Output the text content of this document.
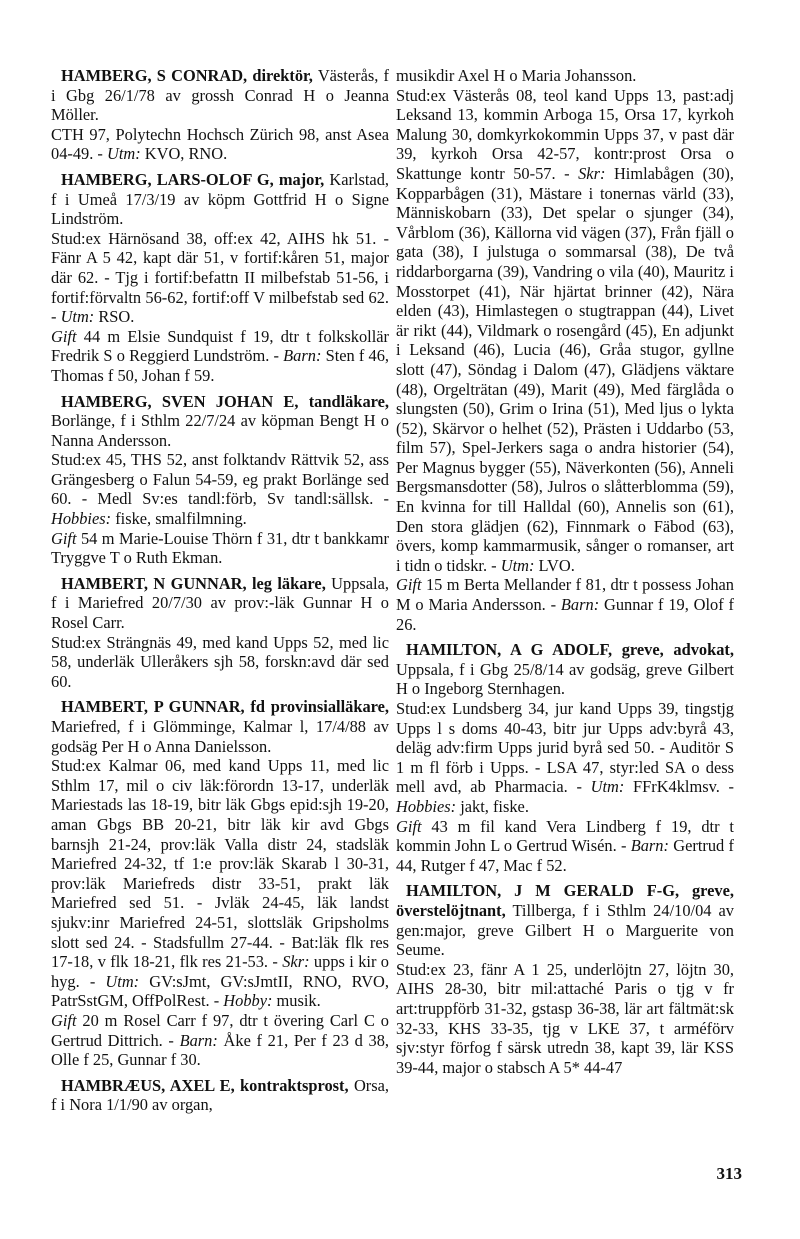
HAMBERG, S CONRAD, direktör, Västerås, f i Gbg 26/1/78 av grossh Conrad H o Jeanna Möller.

CTH 97, Polytechn Hochsch Zürich 98, anst Asea 04-49. - Utm: KVO, RNO.

HAMBERG, LARS-OLOF G, major, Karlstad, f i Umeå 17/3/19 av köpm Gottfrid H o Signe Lindström.

Stud:ex Härnösand 38, off:ex 42, AIHS hk 51. - Fänr A 5 42, kapt där 51, v fortif:kåren 51, major där 62. - Tjg i fortif:befattn II milbefstab 51-56, i fortif:förvaltn 56-62, fortif:off V milbefstab sed 62. - Utm: RSO.

Gift 44 m Elsie Sundquist f 19, dtr t folkskollär Fredrik S o Reggierd Lundström. - Barn: Sten f 46, Thomas f 50, Johan f 59.

HAMBERG, SVEN JOHAN E, tandläkare, Borlänge, f i Sthlm 22/7/24 av köpman Bengt H o Nanna Andersson.

Stud:ex 45, THS 52, anst folktandv Rättvik 52, ass Grängesberg o Falun 54-59, eg prakt Borlänge sed 60. - Medl Sv:es tandl:förb, Sv tandl:sällsk. - Hobbies: fiske, smalfilmning.

Gift 54 m Marie-Louise Thörn f 31, dtr t bankkamr Tryggve T o Ruth Ekman.

HAMBERT, N GUNNAR, leg läkare, Uppsala, f i Mariefred 20/7/30 av prov:-läk Gunnar H o Rosel Carr.

Stud:ex Strängnäs 49, med kand Upps 52, med lic 58, underläk Ulleråkers sjh 58, forskn:avd där sed 60.

HAMBERT, P GUNNAR, fd provinsialläkare, Mariefred, f i Glömminge, Kalmar l, 17/4/88 av godsäg Per H o Anna Danielsson.

Stud:ex Kalmar 06, med kand Upps 11, med lic Sthlm 17, mil o civ läk:förordn 13-17, underläk Mariestads las 18-19, bitr läk Gbgs epid:sjh 19-20, aman Gbgs BB 20-21, bitr läk kir avd Gbgs barnsjh 21-24, prov:läk Valla distr 24, stadsläk Mariefred 24-32, tf 1:e prov:läk Skarab l 30-31, prov:läk Mariefreds distr 33-51, prakt läk Mariefred sed 51. - Jvläk 24-45, läk landst sjukv:inr Mariefred 24-51, slottsläk Gripsholms slott sed 24. - Stadsfullm 27-44. - Bat:läk flk res 17-18, v flk 18-21, flk res 21-53. - Skr: upps i kir o hyg. - Utm: GV:sJmt, GV:sJmtII, RNO, RVO, PatrSstGM, OffPolRest. - Hobby: musik.

Gift 20 m Rosel Carr f 97, dtr t övering Carl C o Gertrud Dittrich. - Barn: Åke f 21, Per f 23 d 38, Olle f 25, Gunnar f 30.

HAMBRÆUS, AXEL E, kontraktsprost, Orsa, f i Nora 1/1/90 av organ,

musikdir Axel H o Maria Johansson.

Stud:ex Västerås 08, teol kand Upps 13, past:adj Leksand 13, kommin Arboga 15, Orsa 17, kyrkoh Malung 30, domkyrkokommin Upps 37, v past där 39, kyrkoh Orsa 42-57, kontr:prost Orsa o Skattunge kontr 50-57. - Skr: Himlabågen (30), Kopparbågen (31), Mästare i tonernas värld (33), Människobarn (33), Det spelar o sjunger (34), Vårblom (36), Källorna vid vägen (37), Från fjäll o gata (38), I julstuga o sommarsal (38), De två riddarborgarna (39), Vandring o vila (40), Mauritz i Mosstorpet (41), När hjärtat brinner (42), Nära elden (43), Himlastegen o stugtrappan (44), Livet är rikt (44), Vildmark o rosengård (45), En adjunkt i Leksand (46), Lucia (46), Gråa stugor, gyllne slott (47), Söndag i Dalom (47), Glädjens väktare (48), Orgelträtan (49), Marit (49), Med färglåda o slungsten (50), Grim o Irina (51), Med ljus o lykta (52), Skärvor o helhet (52), Prästen i Uddarbo (53, film 57), Spel-Jerkers saga o andra historier (54), Per Magnus bygger (55), Näverkonten (56), Anneli Bergsmansdotter (58), Julros o slåtterblomma (59), En kvinna for till Halldal (60), Annelis son (61), Den stora glädjen (62), Finnmark o Fäbod (63), övers, komp kammarmusik, sånger o romanser, art i tidn o tidskr. - Utm: LVO.

Gift 15 m Berta Mellander f 81, dtr t possess Johan M o Maria Andersson. - Barn: Gunnar f 19, Olof f 26.

HAMILTON, A G ADOLF, greve, advokat, Uppsala, f i Gbg 25/8/14 av godsäg, greve Gilbert H o Ingeborg Sternhagen.

Stud:ex Lundsberg 34, jur kand Upps 39, tingstjg Upps l s doms 40-43, bitr jur Upps adv:byrå 43, deläg adv:firm Upps jurid byrå sed 50. - Auditör S 1 m fl förb i Upps. - LSA 47, styr:led SA o dess mell avd, ab Pharmacia. - Utm: FFrK4klmsv. - Hobbies: jakt, fiske.

Gift 43 m fil kand Vera Lindberg f 19, dtr t kommin John L o Gertrud Wisén. - Barn: Gertrud f 44, Rutger f 47, Mac f 52.

HAMILTON, J M GERALD F-G, greve, överstelöjtnant, Tillberga, f i Sthlm 24/10/04 av gen:major, greve Gilbert H o Marguerite von Seume.

Stud:ex 23, fänr A 1 25, underlöjtn 27, löjtn 30, AIHS 28-30, bitr mil:attaché Paris o tjg v fr art:truppförb 31-32, gstasp 36-38, lär art fältmät:sk 32-33, KHS 33-35, tjg v LKE 37, t arméförv sjv:styr förfog f särsk utredn 38, kapt 39, lär KSS 39-44, major o stabsch A 5* 44-47

313
